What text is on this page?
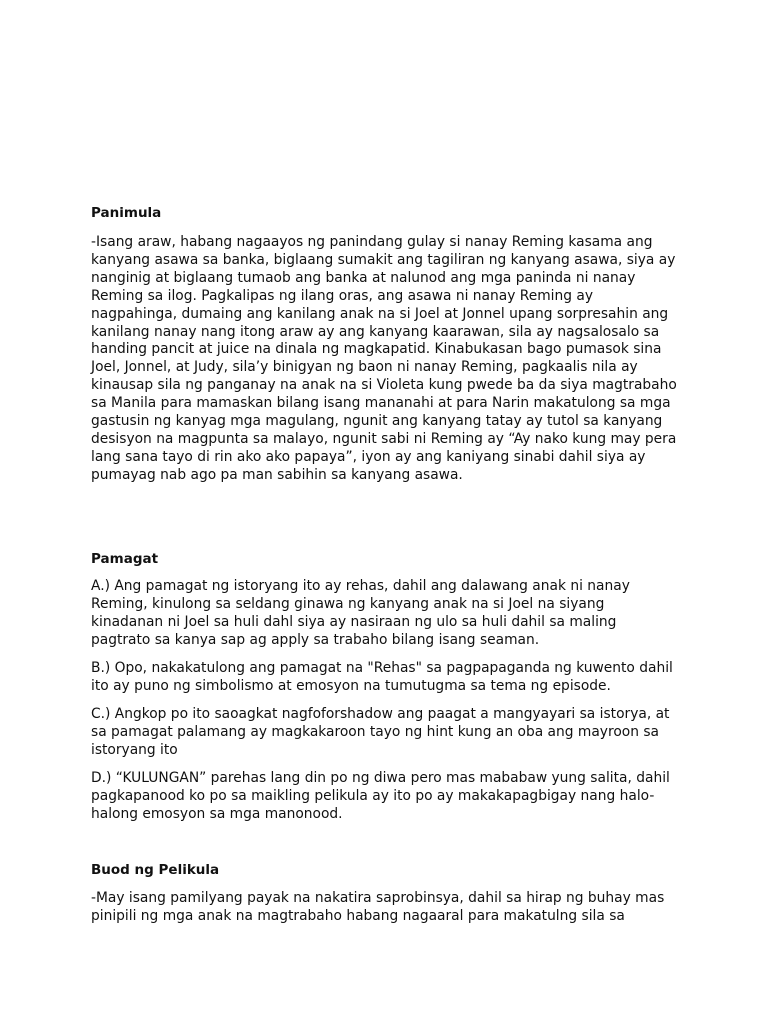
Panimula

-Isang araw, habang nagaayos ng panindang gulay si nanay Reming kasama ang
kanyang asawa sa banka, biglaang sumakit ang tagiliran ng kanyang asawa, siya ay
nanginig at biglaang tumaob ang banka at nalunod ang mga paninda ni nanay
Reming sa ilog. Pagkalipas ng ilang oras, ang asawa ni nanay Reming ay
nagpahinga, dumaing ang kanilang anak na si Joel at Jonnel upang sorpresahin ang
kanilang nanay nang itong araw ay ang kanyang kaarawan, sila ay nagsalosalo sa
handing pancit at juice na dinala ng magkapatid. Kinabukasan bago pumasok sina
Joel, Jonnel, at Judy, sila’y binigyan ng baon ni nanay Reming, pagkaalis nila ay
kinausap sila ng panganay na anak na si Violeta kung pwede ba da siya magtrabaho
sa Manila para mamaskan bilang isang mananahi at para Narin makatulong sa mga
gastusin ng kanyag mga magulang, ngunit ang kanyang tatay ay tutol sa kanyang
desisyon na magpunta sa malayo, ngunit sabi ni Reming ay “Ay nako kung may pera
lang sana tayo di rin ako ako papaya”, iyon ay ang kaniyang sinabi dahil siya ay
pumayag nab ago pa man sabihin sa kanyang asawa.

Pamagat

A.) Ang pamagat ng istoryang ito ay rehas, dahil ang dalawang anak ni nanay
Reming, kinulong sa seldang ginawa ng kanyang anak na si Joel na siyang
kinadanan ni Joel sa huli dahl siya ay nasiraan ng ulo sa huli dahil sa maling
pagtrato sa kanya sap ag apply sa trabaho bilang isang seaman.

B.) Opo, nakakatulong ang pamagat na "Rehas" sa pagpapaganda ng kuwento dahil
ito ay puno ng simbolismo at emosyon na tumutugma sa tema ng episode.

C.) Angkop po ito saoagkat nagfoforshadow ang paagat a mangyayari sa istorya, at
sa pamagat palamang ay magkakaroon tayo ng hint kung an oba ang mayroon sa
istoryang ito

D.) “KULUNGAN” parehas lang din po ng diwa pero mas mababaw yung salita, dahil
pagkapanood ko po sa maikling pelikula ay ito po ay makakapagbigay nang halo-
halong emosyon sa mga manonood.

Buod ng Pelikula

-May isang pamilyang payak na nakatira saprobinsya, dahil sa hirap ng buhay mas
pinipili ng mga anak na magtrabaho habang nagaaral para makatulng sila sa
